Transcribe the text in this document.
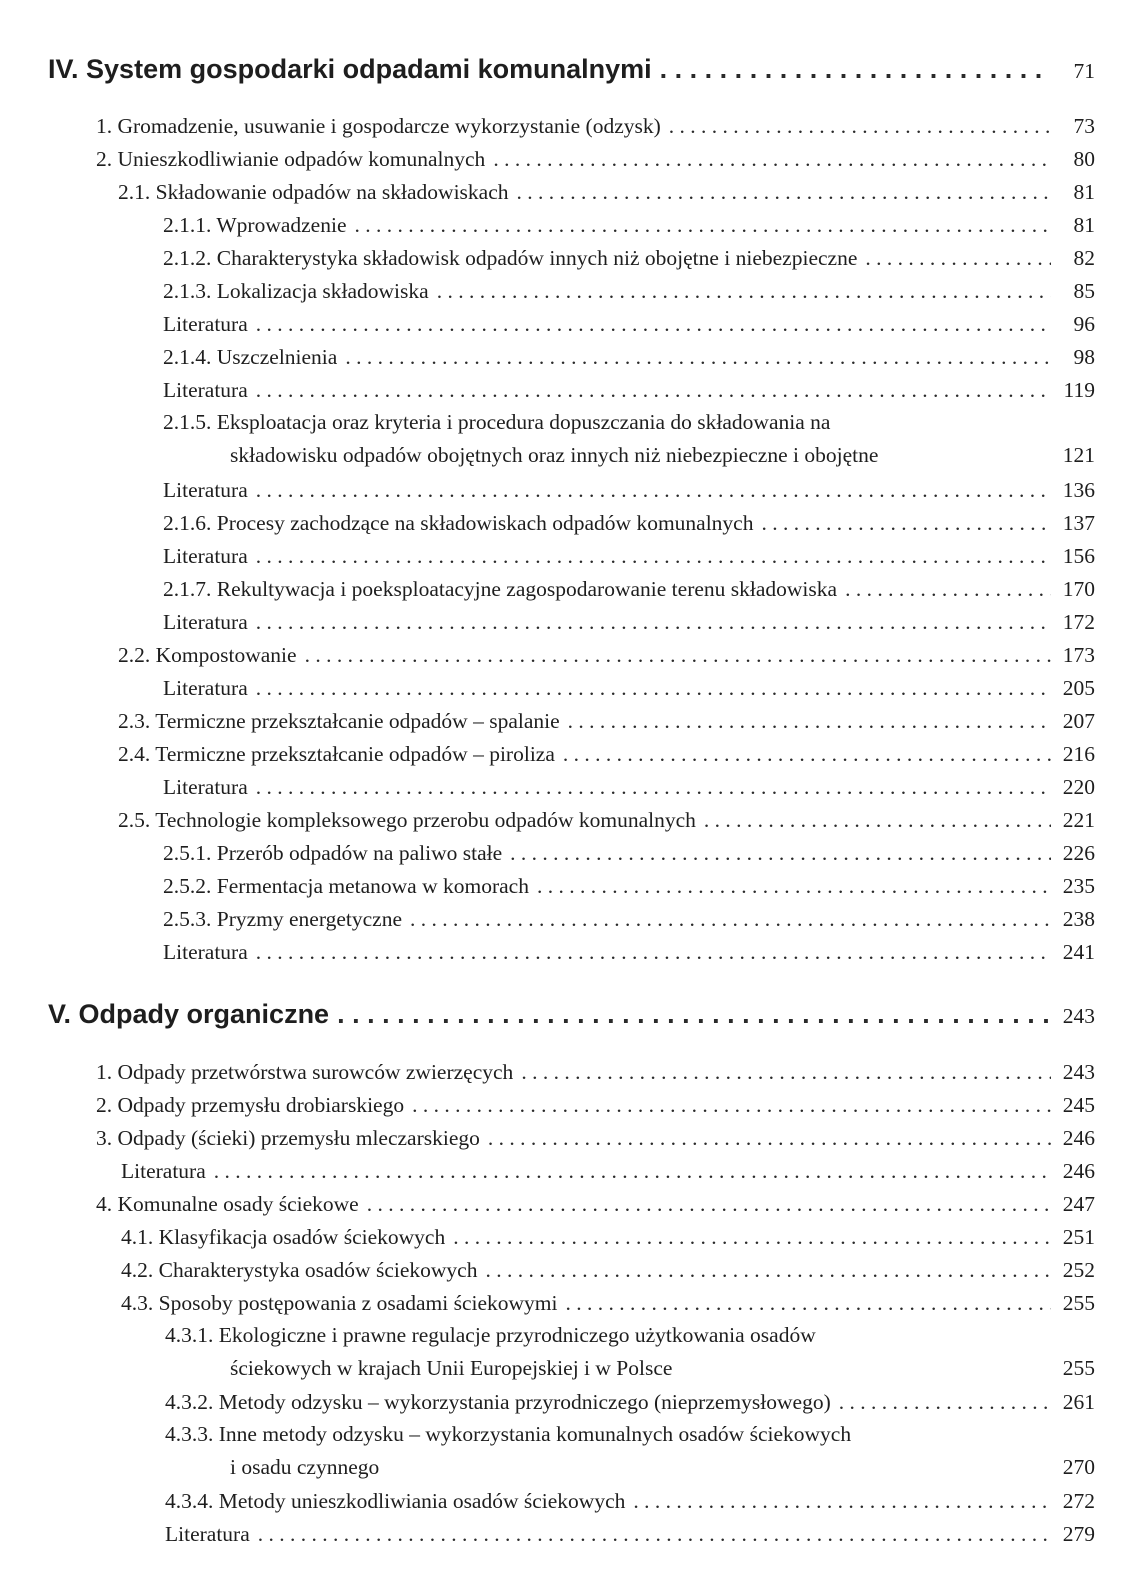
IV. System gospodarki odpadami komunalnymi . . .	71
1. Gromadzenie, usuwanie i gospodarcze wykorzystanie (odzysk) . . .	73
2. Unieszkodliwianie odpadów komunalnych . . .	80
2.1. Składowanie odpadów na składowiskach . . .	81
2.1.1. Wprowadzenie . . .	81
2.1.2. Charakterystyka składowisk odpadów innych niż obojętne i niebezpieczne . . .	82
2.1.3. Lokalizacja składowiska . . .	85
Literatura . . .	96
2.1.4. Uszczelnienia . . .	98
Literatura . . .	119
2.1.5. Eksploatacja oraz kryteria i procedura dopuszczania do składowania na
składowisku odpadów obojętnych oraz innych niż niebezpieczne i obojętne	121
Literatura . . .	136
2.1.6. Procesy zachodzące na składowiskach odpadów komunalnych . . .	137
Literatura . . .	156
2.1.7. Rekultywacja i poeksploatacyjne zagospodarowanie terenu składowiska . . .	170
Literatura . . .	172
2.2. Kompostowanie . . .	173
Literatura . . .	205
2.3. Termiczne przekształcanie odpadów – spalanie . . .	207
2.4. Termiczne przekształcanie odpadów – piroliza . . .	216
Literatura . . .	220
2.5. Technologie kompleksowego przerobu odpadów komunalnych . . .	221
2.5.1. Przerób odpadów na paliwo stałe . . .	226
2.5.2. Fermentacja metanowa w komorach . . .	235
2.5.3. Pryzmy energetyczne . . .	238
Literatura . . .	241
V. Odpady organiczne . . .	243
1. Odpady przetwórstwa surowców zwierzęcych . . .	243
2. Odpady przemysłu drobiarskiego . . .	245
3. Odpady (ścieki) przemysłu mleczarskiego . . .	246
Literatura . . .	246
4. Komunalne osady ściekowe . . .	247
4.1. Klasyfikacja osadów ściekowych . . .	251
4.2. Charakterystyka osadów ściekowych . . .	252
4.3. Sposoby postępowania z osadami ściekowymi . . .	255
4.3.1. Ekologiczne i prawne regulacje przyrodniczego użytkowania osadów
ściekowych w krajach Unii Europejskiej i w Polsce	255
4.3.2. Metody odzysku – wykorzystania przyrodniczego (nieprzemysłowego) . . .	261
4.3.3. Inne metody odzysku – wykorzystania komunalnych osadów ściekowych
i osadu czynnego	270
4.3.4. Metody unieszkodliwiania osadów ściekowych . . .	272
Literatura . . .	279
